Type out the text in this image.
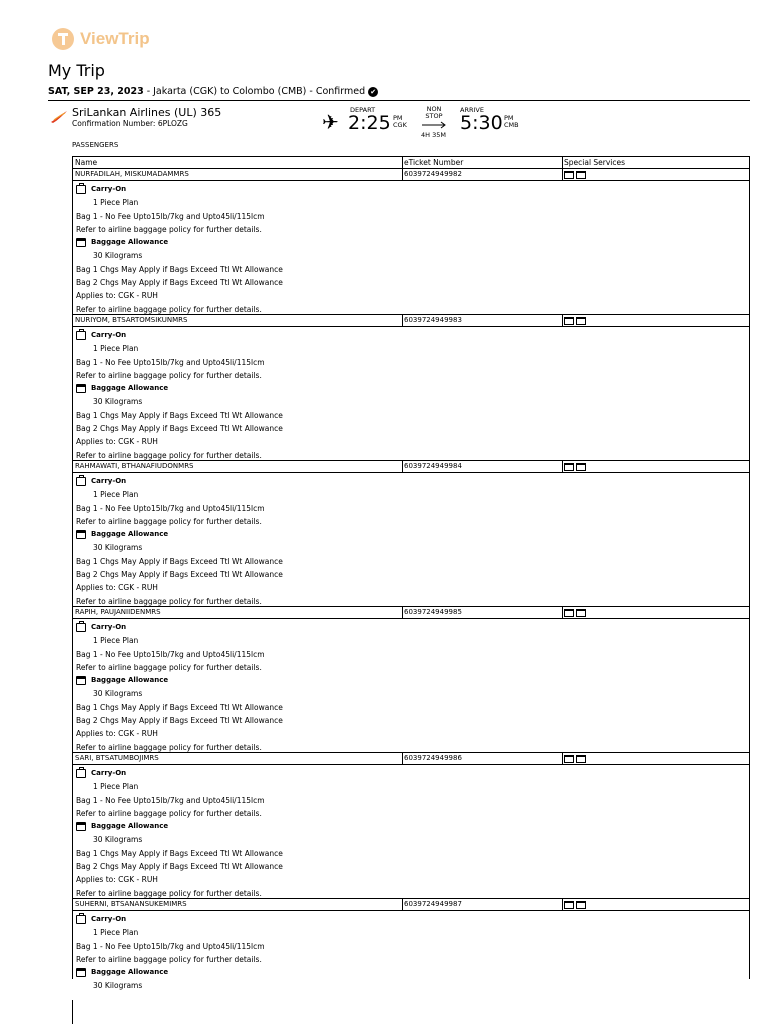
ViewTrip
My Trip
SAT, SEP 23, 2023 - Jakarta (CGK) to Colombo (CMB) - Confirmed ✔
SriLankan Airlines (UL) 365
Confirmation Number: 6PLOZG	✈ DEPART
2:25 PM
CGK
NON
STOP
4H 35M
ARRIVE
5:30 PM
CMB
PASSENGERS
Name	eTicket Number	Special Services
NURFADILAH, MISKUMADAMMRS	6039724949982
Carry-On
1 Piece Plan
Bag 1 - No Fee Upto15lb/7kg and Upto45li/115lcm
Refer to airline baggage policy for further details.
Baggage Allowance
30 Kilograms
Bag 1 Chgs May Apply if Bags Exceed Ttl Wt Allowance
Bag 2 Chgs May Apply if Bags Exceed Ttl Wt Allowance
Applies to: CGK - RUH
Refer to airline baggage policy for further details.
NURIYOM, BTSARTOMSIKUNMRS	6039724949983
Carry-On
1 Piece Plan
Bag 1 - No Fee Upto15lb/7kg and Upto45li/115lcm
Refer to airline baggage policy for further details.
Baggage Allowance
30 Kilograms
Bag 1 Chgs May Apply if Bags Exceed Ttl Wt Allowance
Bag 2 Chgs May Apply if Bags Exceed Ttl Wt Allowance
Applies to: CGK - RUH
Refer to airline baggage policy for further details.
RAHMAWATI, BTHANAFIUDONMRS	6039724949984
Carry-On
1 Piece Plan
Bag 1 - No Fee Upto15lb/7kg and Upto45li/115lcm
Refer to airline baggage policy for further details.
Baggage Allowance
30 Kilograms
Bag 1 Chgs May Apply if Bags Exceed Ttl Wt Allowance
Bag 2 Chgs May Apply if Bags Exceed Ttl Wt Allowance
Applies to: CGK - RUH
Refer to airline baggage policy for further details.
RAPIH, PAUJANIIDENMRS	6039724949985
Carry-On
1 Piece Plan
Bag 1 - No Fee Upto15lb/7kg and Upto45li/115lcm
Refer to airline baggage policy for further details.
Baggage Allowance
30 Kilograms
Bag 1 Chgs May Apply if Bags Exceed Ttl Wt Allowance
Bag 2 Chgs May Apply if Bags Exceed Ttl Wt Allowance
Applies to: CGK - RUH
Refer to airline baggage policy for further details.
SARI, BTSATUMBOJIMRS	6039724949986
Carry-On
1 Piece Plan
Bag 1 - No Fee Upto15lb/7kg and Upto45li/115lcm
Refer to airline baggage policy for further details.
Baggage Allowance
30 Kilograms
Bag 1 Chgs May Apply if Bags Exceed Ttl Wt Allowance
Bag 2 Chgs May Apply if Bags Exceed Ttl Wt Allowance
Applies to: CGK - RUH
Refer to airline baggage policy for further details.
SUHERNI, BTSANANSUKEMIMRS	6039724949987
Carry-On
1 Piece Plan
Bag 1 - No Fee Upto15lb/7kg and Upto45li/115lcm
Refer to airline baggage policy for further details.
Baggage Allowance
30 Kilograms
